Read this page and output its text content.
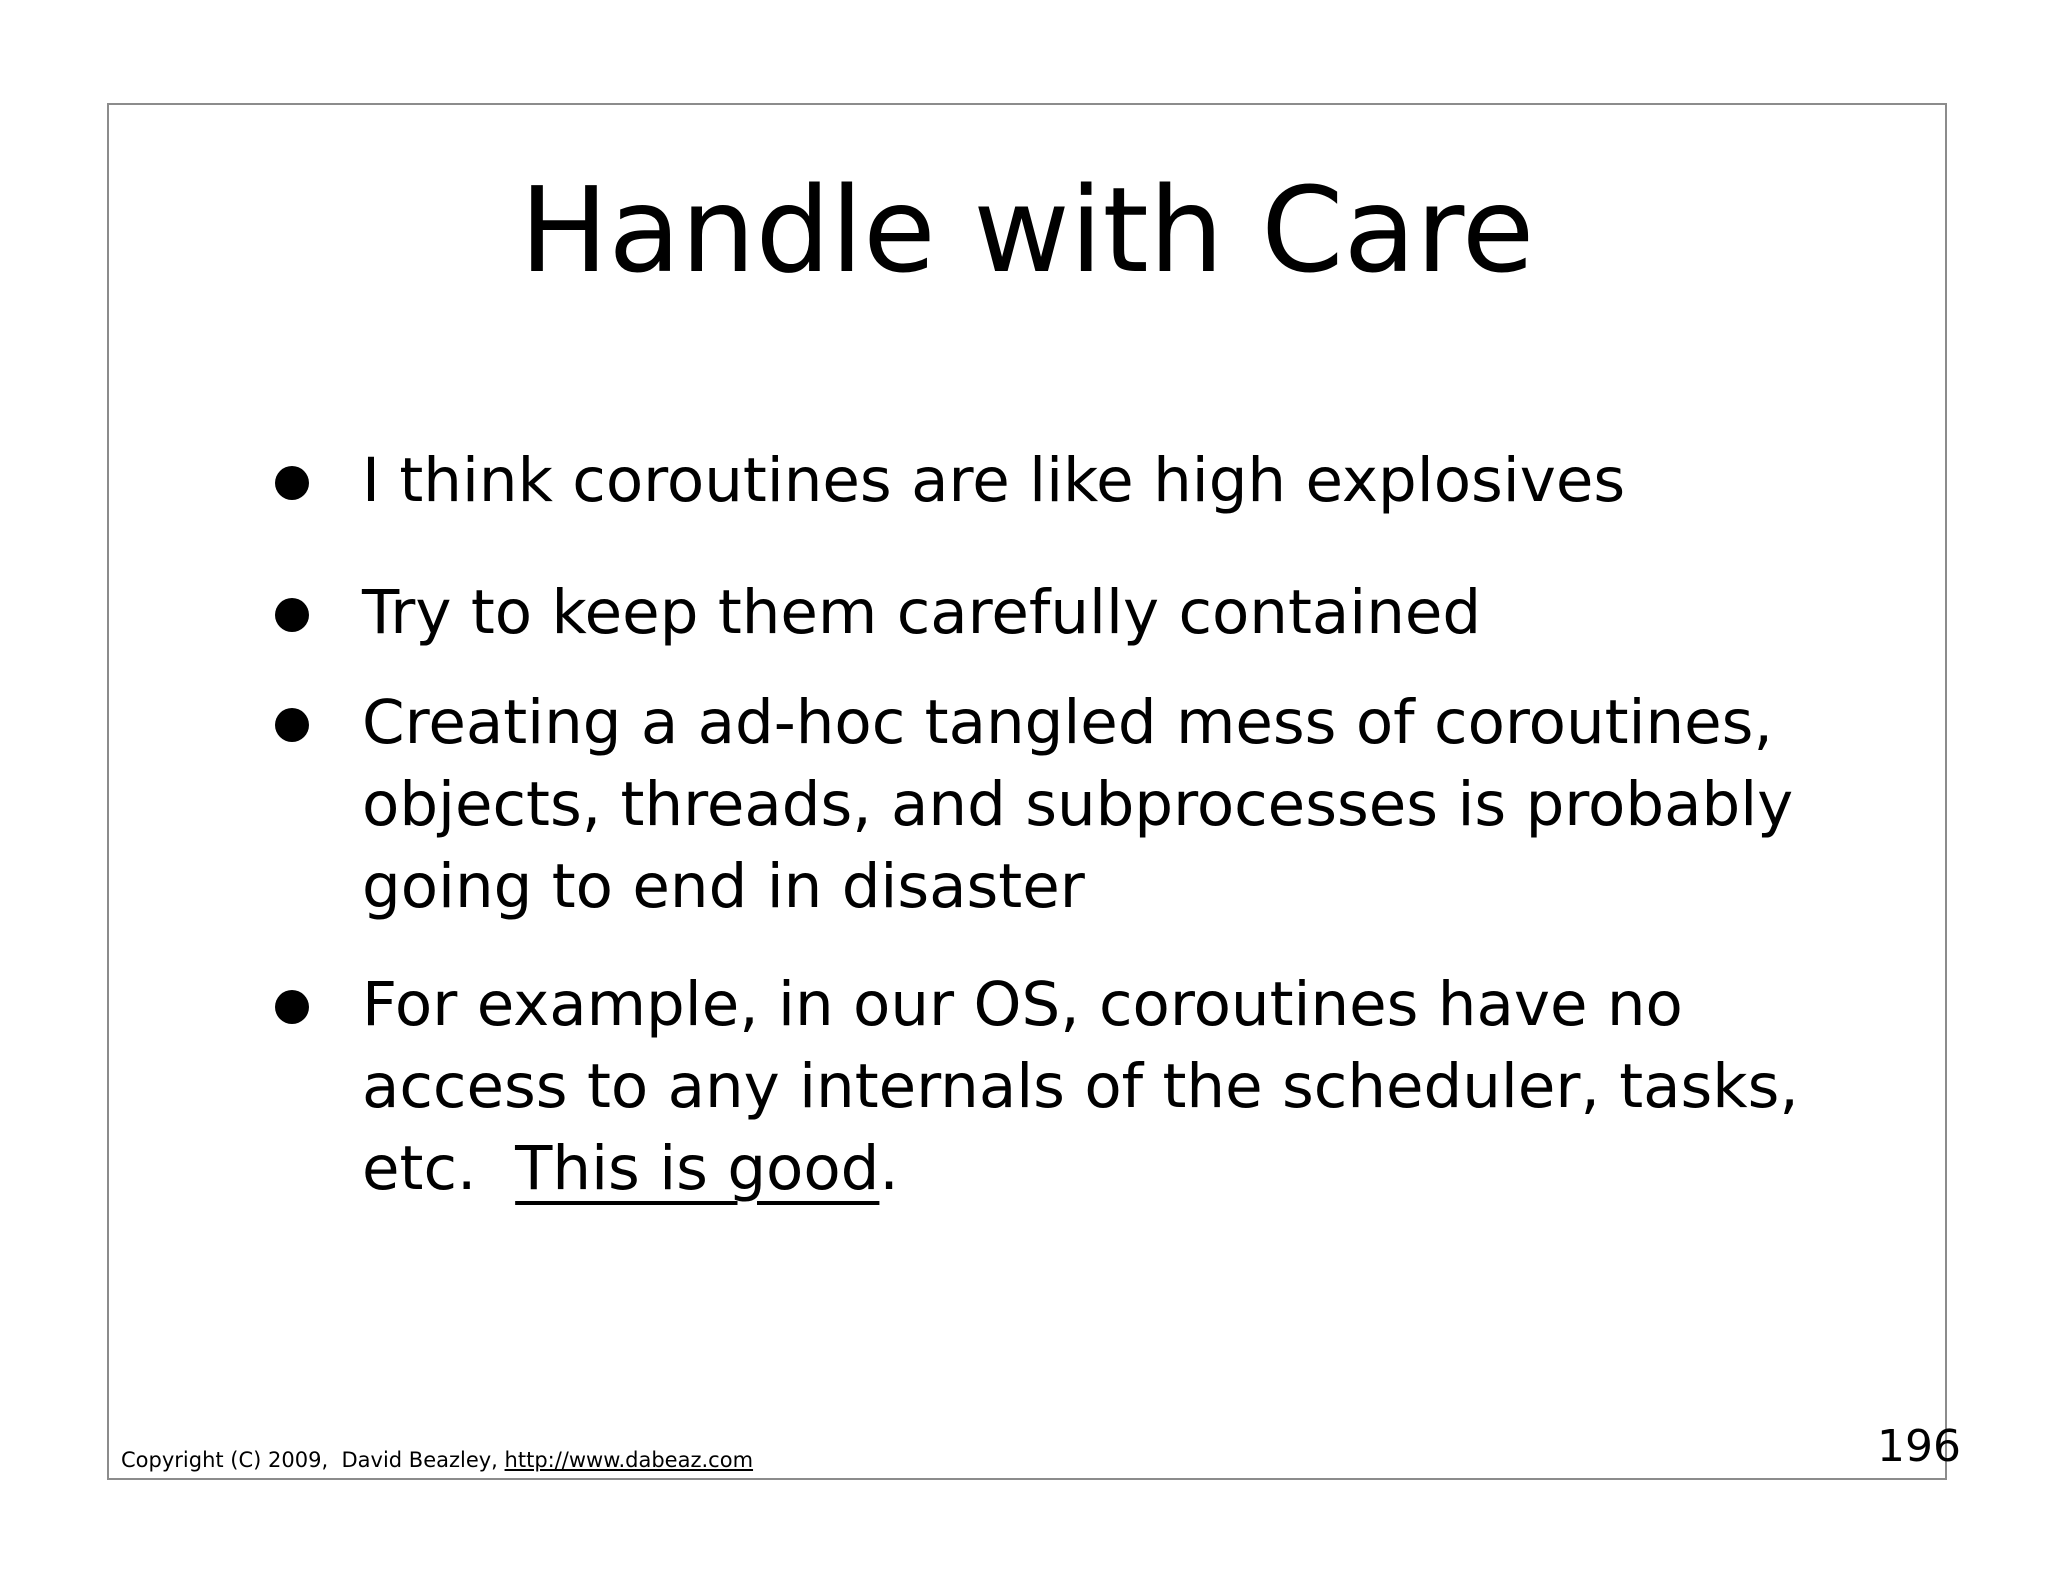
Handle with Care
I think coroutines are like high explosives
Try to keep them carefully contained
Creating a ad-hoc tangled mess of coroutines,
objects, threads, and subprocesses is probably
going to end in disaster
For example, in our OS, coroutines have no
access to any internals of the scheduler, tasks,
etc.  This is good.
Copyright (C) 2009,  David Beazley, http://www.dabeaz.com	196
